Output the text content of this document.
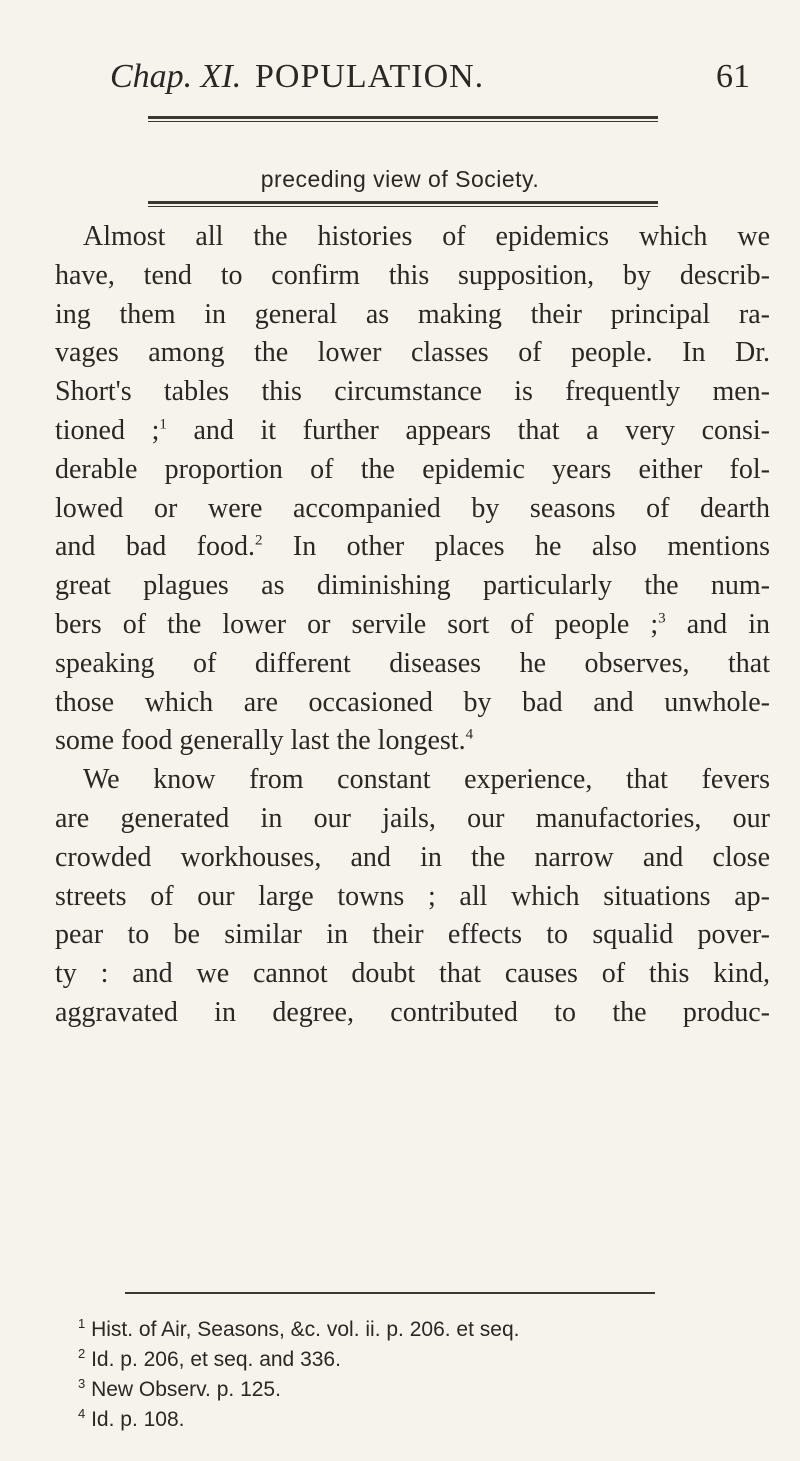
Chap. XI. POPULATION.	61
preceding view of Society.
Almost all the histories of epidemics which we
have, tend to confirm this supposition, by describ-
ing them in general as making their principal ra-
vages among the lower classes of people. In Dr.
Short's tables this circumstance is frequently men-
tioned ;$^1$ and it further appears that a very consi-
derable proportion of the epidemic years either fol-
lowed or were accompanied by seasons of dearth
and bad food.$^2$ In other places he also mentions
great plagues as diminishing particularly the num-
bers of the lower or servile sort of people ;$^3$ and in
speaking of different diseases he observes, that
those which are occasioned by bad and unwhole-
some food generally last the longest.$^4$
We know from constant experience, that fevers
are generated in our jails, our manufactories, our
crowded workhouses, and in the narrow and close
streets of our large towns ; all which situations ap-
pear to be similar in their effects to squalid pover-
ty : and we cannot doubt that causes of this kind,
aggravated in degree, contributed to the produc-
$^1$ Hist. of Air, Seasons, &c. vol. ii. p. 206. et seq.
$^2$ Id. p. 206, et seq. and 336.
$^3$ New Observ. p. 125.
$^4$ Id. p. 108.
